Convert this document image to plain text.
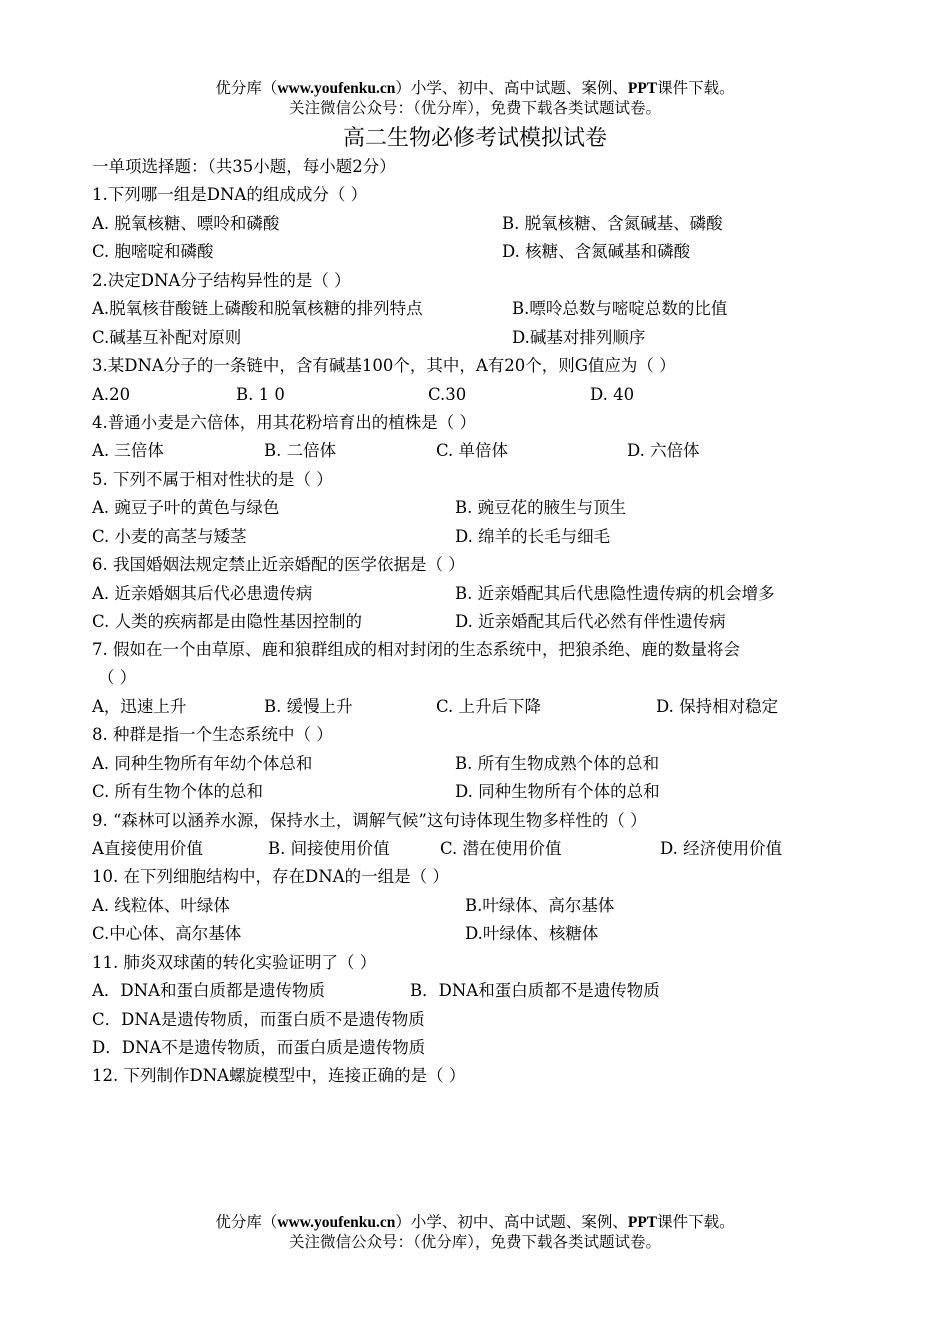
优分库（www.youfenku.cn）小学、初中、高中试题、案例、PPT课件下载。
关注微信公众号：（优分库），免费下载各类试题试卷。
高二生物必修考试模拟试卷
一单项选择题：（共35小题，每小题2分）
1.下列哪一组是DNA的组成成分（ ）
A. 脱氧核糖、嘌呤和磷酸	B. 脱氧核糖、含氮碱基、磷酸
C. 胞嘧啶和磷酸	D. 核糖、含氮碱基和磷酸
2.决定DNA分子结构异性的是（ ）
A.脱氧核苷酸链上磷酸和脱氧核糖的排列特点	B.嘌呤总数与嘧啶总数的比值
C.碱基互补配对原则	D.碱基对排列顺序
3.某DNA分子的一条链中，含有碱基100个，其中，A有20个，则G值应为（ ）
A.20	B. 1 0	C.30	D. 40
4.普通小麦是六倍体，用其花粉培育出的植株是（ ）
A. 三倍体	B. 二倍体	C. 单倍体	D. 六倍体
5. 下列不属于相对性状的是（ ）
A. 豌豆子叶的黄色与绿色	B. 豌豆花的腋生与顶生
C. 小麦的高茎与矮茎	D. 绵羊的长毛与细毛
6. 我国婚姻法规定禁止近亲婚配的医学依据是（ ）
A. 近亲婚姻其后代必患遗传病	B. 近亲婚配其后代患隐性遗传病的机会增多
C. 人类的疾病都是由隐性基因控制的	D. 近亲婚配其后代必然有伴性遗传病
7. 假如在一个由草原、鹿和狼群组成的相对封闭的生态系统中，把狼杀绝、鹿的数量将会
（ ）
A，迅速上升	B. 缓慢上升	C. 上升后下降	D. 保持相对稳定
8. 种群是指一个生态系统中（ ）
A. 同种生物所有年幼个体总和	B. 所有生物成熟个体的总和
C. 所有生物个体的总和	D. 同种生物所有个体的总和
9. “森林可以涵养水源，保持水土，调解气候”这句诗体现生物多样性的（ ）
A直接使用价值	B. 间接使用价值	C. 潜在使用价值	D. 经济使用价值
10. 在下列细胞结构中，存在DNA的一组是（ ）
A. 线粒体、叶绿体	B.叶绿体、高尔基体
C.中心体、高尔基体	D.叶绿体、核糖体
11. 肺炎双球菌的转化实验证明了（ ）
A．DNA和蛋白质都是遗传物质	B．DNA和蛋白质都不是遗传物质
C．DNA是遗传物质，而蛋白质不是遗传物质
D．DNA不是遗传物质，而蛋白质是遗传物质
12. 下列制作DNA螺旋模型中，连接正确的是（ ）
优分库（www.youfenku.cn）小学、初中、高中试题、案例、PPT课件下载。
关注微信公众号：（优分库），免费下载各类试题试卷。
